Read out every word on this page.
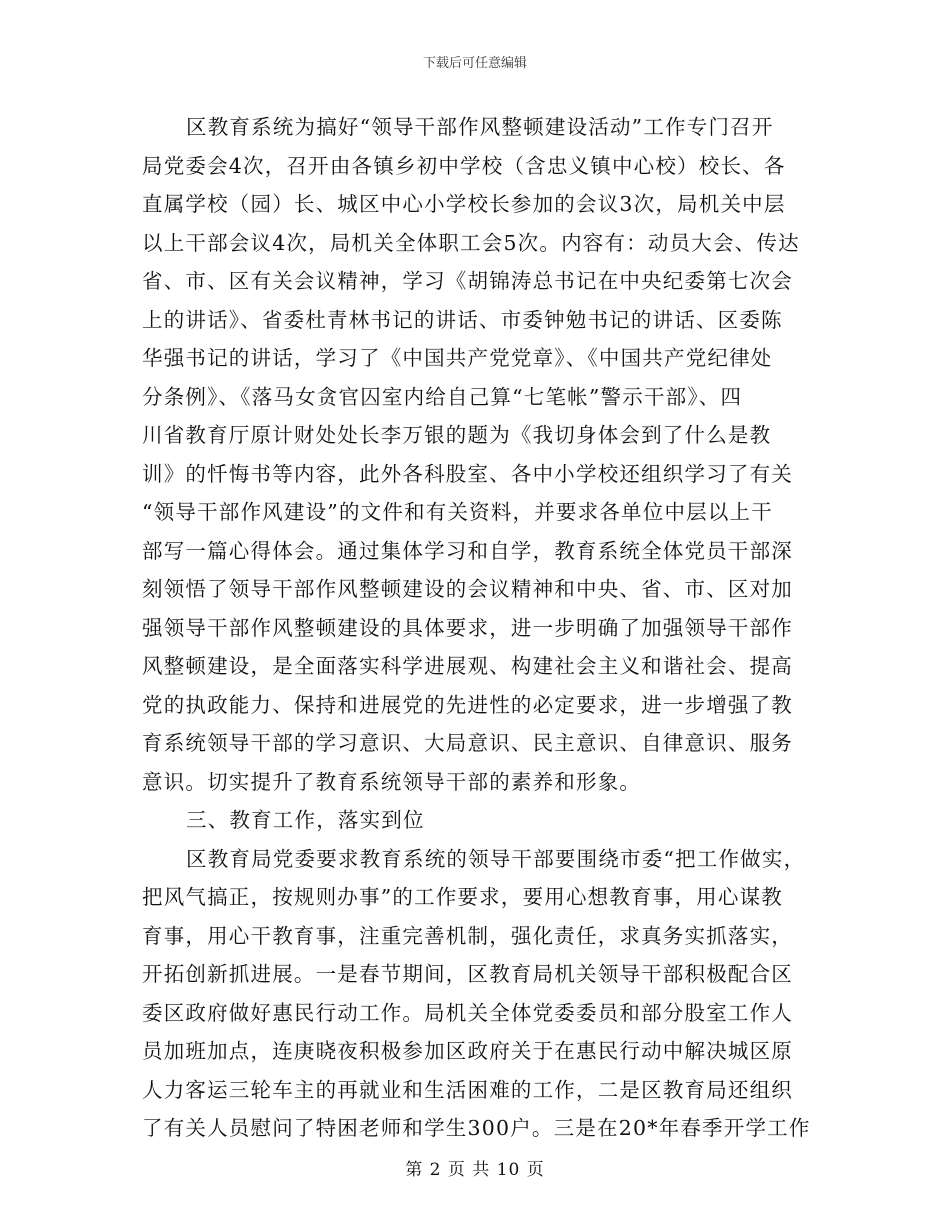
下载后可任意编辑
区教育系统为搞好“领导干部作风整顿建设活动”工作专门召开
局党委会4次，召开由各镇乡初中学校（含忠义镇中心校）校长、各
直属学校（园）长、城区中心小学校长参加的会议3次，局机关中层
以上干部会议4次，局机关全体职工会5次。内容有：动员大会、传达
省、市、区有关会议精神，学习《胡锦涛总书记在中央纪委第七次会
上的讲话》、省委杜青林书记的讲话、市委钟勉书记的讲话、区委陈
华强书记的讲话，学习了《中国共产党党章》、《中国共产党纪律处
分条例》、《落马女贪官囚室内给自己算“七笔帐”警示干部》、四
川省教育厅原计财处处长李万银的题为《我切身体会到了什么是教
训》的忏悔书等内容，此外各科股室、各中小学校还组织学习了有关
“领导干部作风建设”的文件和有关资料，并要求各单位中层以上干
部写一篇心得体会。通过集体学习和自学，教育系统全体党员干部深
刻领悟了领导干部作风整顿建设的会议精神和中央、省、市、区对加
强领导干部作风整顿建设的具体要求，进一步明确了加强领导干部作
风整顿建设，是全面落实科学进展观、构建社会主义和谐社会、提高
党的执政能力、保持和进展党的先进性的必定要求，进一步增强了教
育系统领导干部的学习意识、大局意识、民主意识、自律意识、服务
意识。切实提升了教育系统领导干部的素养和形象。
三、教育工作，落实到位
区教育局党委要求教育系统的领导干部要围绕市委“把工作做实，
把风气搞正，按规则办事”的工作要求，要用心想教育事，用心谋教
育事，用心干教育事，注重完善机制，强化责任，求真务实抓落实，
开拓创新抓进展。一是春节期间，区教育局机关领导干部积极配合区
委区政府做好惠民行动工作。局机关全体党委委员和部分股室工作人
员加班加点，连庚晓夜积极参加区政府关于在惠民行动中解决城区原
人力客运三轮车主的再就业和生活困难的工作，二是区教育局还组织
了有关人员慰问了特困老师和学生300户。三是在20*年春季开学工作
第 2 页 共 10 页
